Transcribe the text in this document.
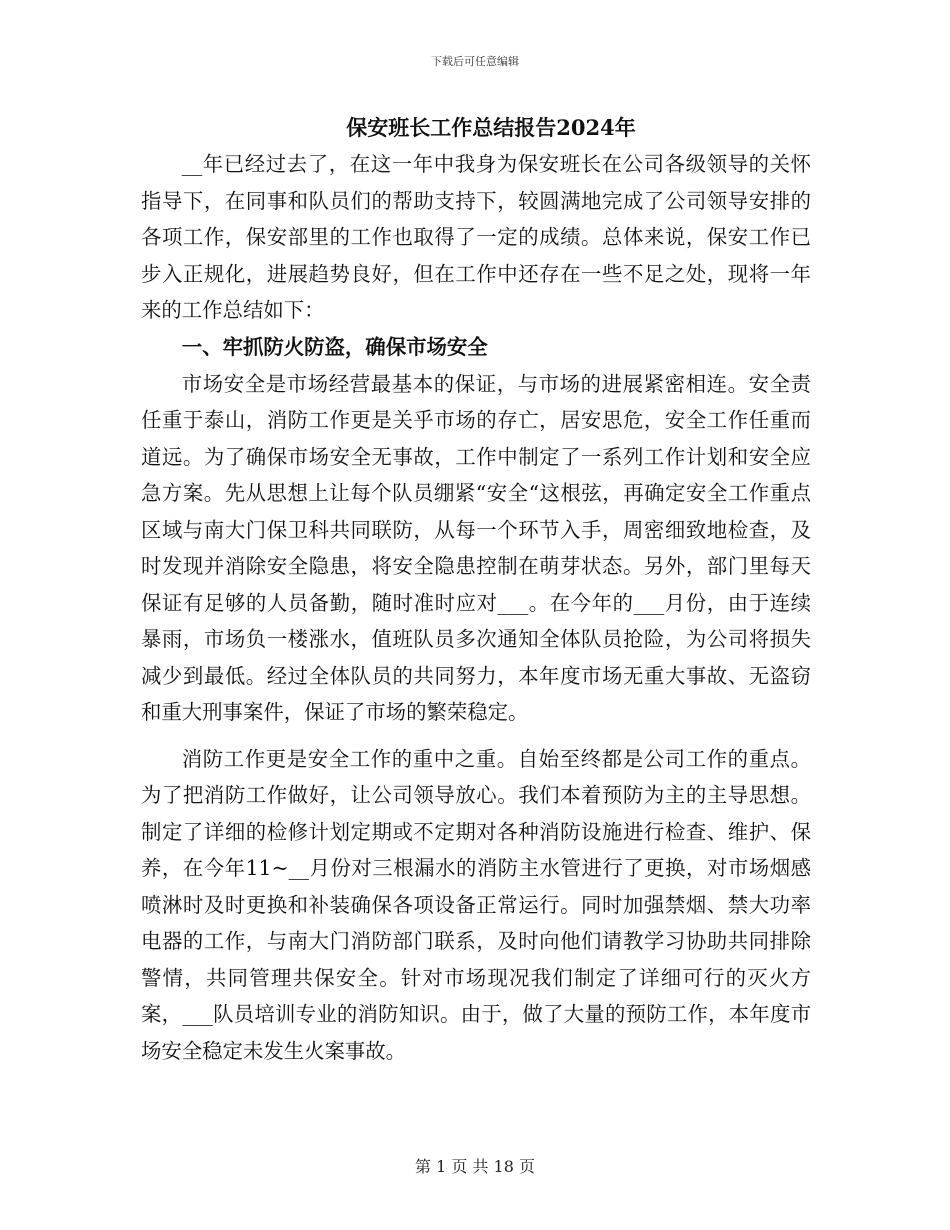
下载后可任意编辑
保安班长工作总结报告2024年

__年已经过去了，在这一年中我身为保安班长在公司各级领导的关怀指导下，在同事和队员们的帮助支持下，较圆满地完成了公司领导安排的各项工作，保安部里的工作也取得了一定的成绩。总体来说，保安工作已步入正规化，进展趋势良好，但在工作中还存在一些不足之处，现将一年来的工作总结如下：

一、牢抓防火防盗，确保市场安全

市场安全是市场经营最基本的保证，与市场的进展紧密相连。安全责任重于泰山，消防工作更是关乎市场的存亡，居安思危，安全工作任重而道远。为了确保市场安全无事故，工作中制定了一系列工作计划和安全应急方案。先从思想上让每个队员绷紧“安全“这根弦，再确定安全工作重点区域与南大门保卫科共同联防，从每一个环节入手，周密细致地检查，及时发现并消除安全隐患，将安全隐患控制在萌芽状态。另外，部门里每天保证有足够的人员备勤，随时准时应对___。在今年的___月份，由于连续暴雨，市场负一楼涨水，值班队员多次通知全体队员抢险，为公司将损失减少到最低。经过全体队员的共同努力，本年度市场无重大事故、无盗窃和重大刑事案件，保证了市场的繁荣稳定。

消防工作更是安全工作的重中之重。自始至终都是公司工作的重点。为了把消防工作做好，让公司领导放心。我们本着预防为主的主导思想。制定了详细的检修计划定期或不定期对各种消防设施进行检查、维护、保养，在今年11~__月份对三根漏水的消防主水管进行了更换，对市场烟感喷淋时及时更换和补装确保各项设备正常运行。同时加强禁烟、禁大功率电器的工作，与南大门消防部门联系，及时向他们请教学习协助共同排除警情，共同管理共保安全。针对市场现况我们制定了详细可行的灭火方案，___队员培训专业的消防知识。由于，做了大量的预防工作，本年度市场安全稳定未发生火案事故。

第 1 页 共 18 页
